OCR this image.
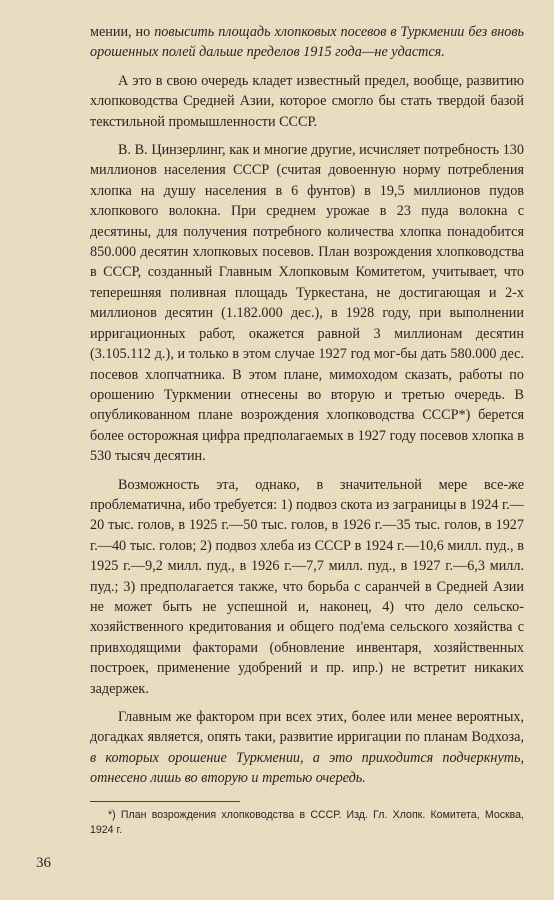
мении, но повысить площадь хлопковых посевов в Туркмении без вновь орошенных полей дальше пределов 1915 года—не удастся.

А это в свою очередь кладет известный предел, вообще, развитию хлопководства Средней Азии, которое смогло бы стать твердой базой текстильной промышленности СССР.

В. В. Цинзерлинг, как и многие другие, исчисляет потребность 130 миллионов населения СССР (считая довоенную норму потребления хлопка на душу населения в 6 фунтов) в 19,5 миллионов пудов хлопкового волокна. При среднем урожае в 23 пуда волокна с десятины, для получения потребного количества хлопка понадобится 850.000 десятин хлопковых посевов. План возрождения хлопководства в СССР, созданный Главным Хлопковым Комитетом, учитывает, что теперешняя поливная площадь Туркестана, не достигающая и 2-х миллионов десятин (1.182.000 дес.), в 1928 году, при выполнении ирригационных работ, окажется равной 3 миллионам десятин (3.105.112 д.), и только в этом случае 1927 год мог-бы дать 580.000 дес. посевов хлопчатника. В этом плане, мимоходом сказать, работы по орошению Туркмении отнесены во вторую и третью очередь. В опубликованном плане возрождения хлопководства СССР*) берется более осторожная цифра предполагаемых в 1927 году посевов хлопка в 530 тысяч десятин.

Возможность эта, однако, в значительной мере все-же проблематична, ибо требуется: 1) подвоз скота из заграницы в 1924 г.—20 тыс. голов, в 1925 г.—50 тыс. голов, в 1926 г.—35 тыс. голов, в 1927 г.—40 тыс. голов; 2) подвоз хлеба из СССР в 1924 г.—10,6 милл. пуд., в 1925 г.—9,2 милл. пуд., в 1926 г.—7,7 милл. пуд., в 1927 г.—6,3 милл. пуд.; 3) предполагается также, что борьба с саранчей в Средней Азии не может быть не успешной и, наконец, 4) что дело сельско-хозяйственного кредитования и общего под'ема сельского хозяйства с привходящими факторами (обновление инвентаря, хозяйственных построек, применение удобрений и пр. ипр.) не встретит никаких задержек.

Главным же фактором при всех этих, более или менее вероятных, догадках является, опять таки, развитие ирригации по планам Водхоза, в которых орошение Туркмении, а это приходится подчеркнуть, отнесено лишь во вторую и третью очередь.

*) План возрождения хлопководства в СССР. Изд. Гл. Хлопк. Комитета, Москва, 1924 г.

36
